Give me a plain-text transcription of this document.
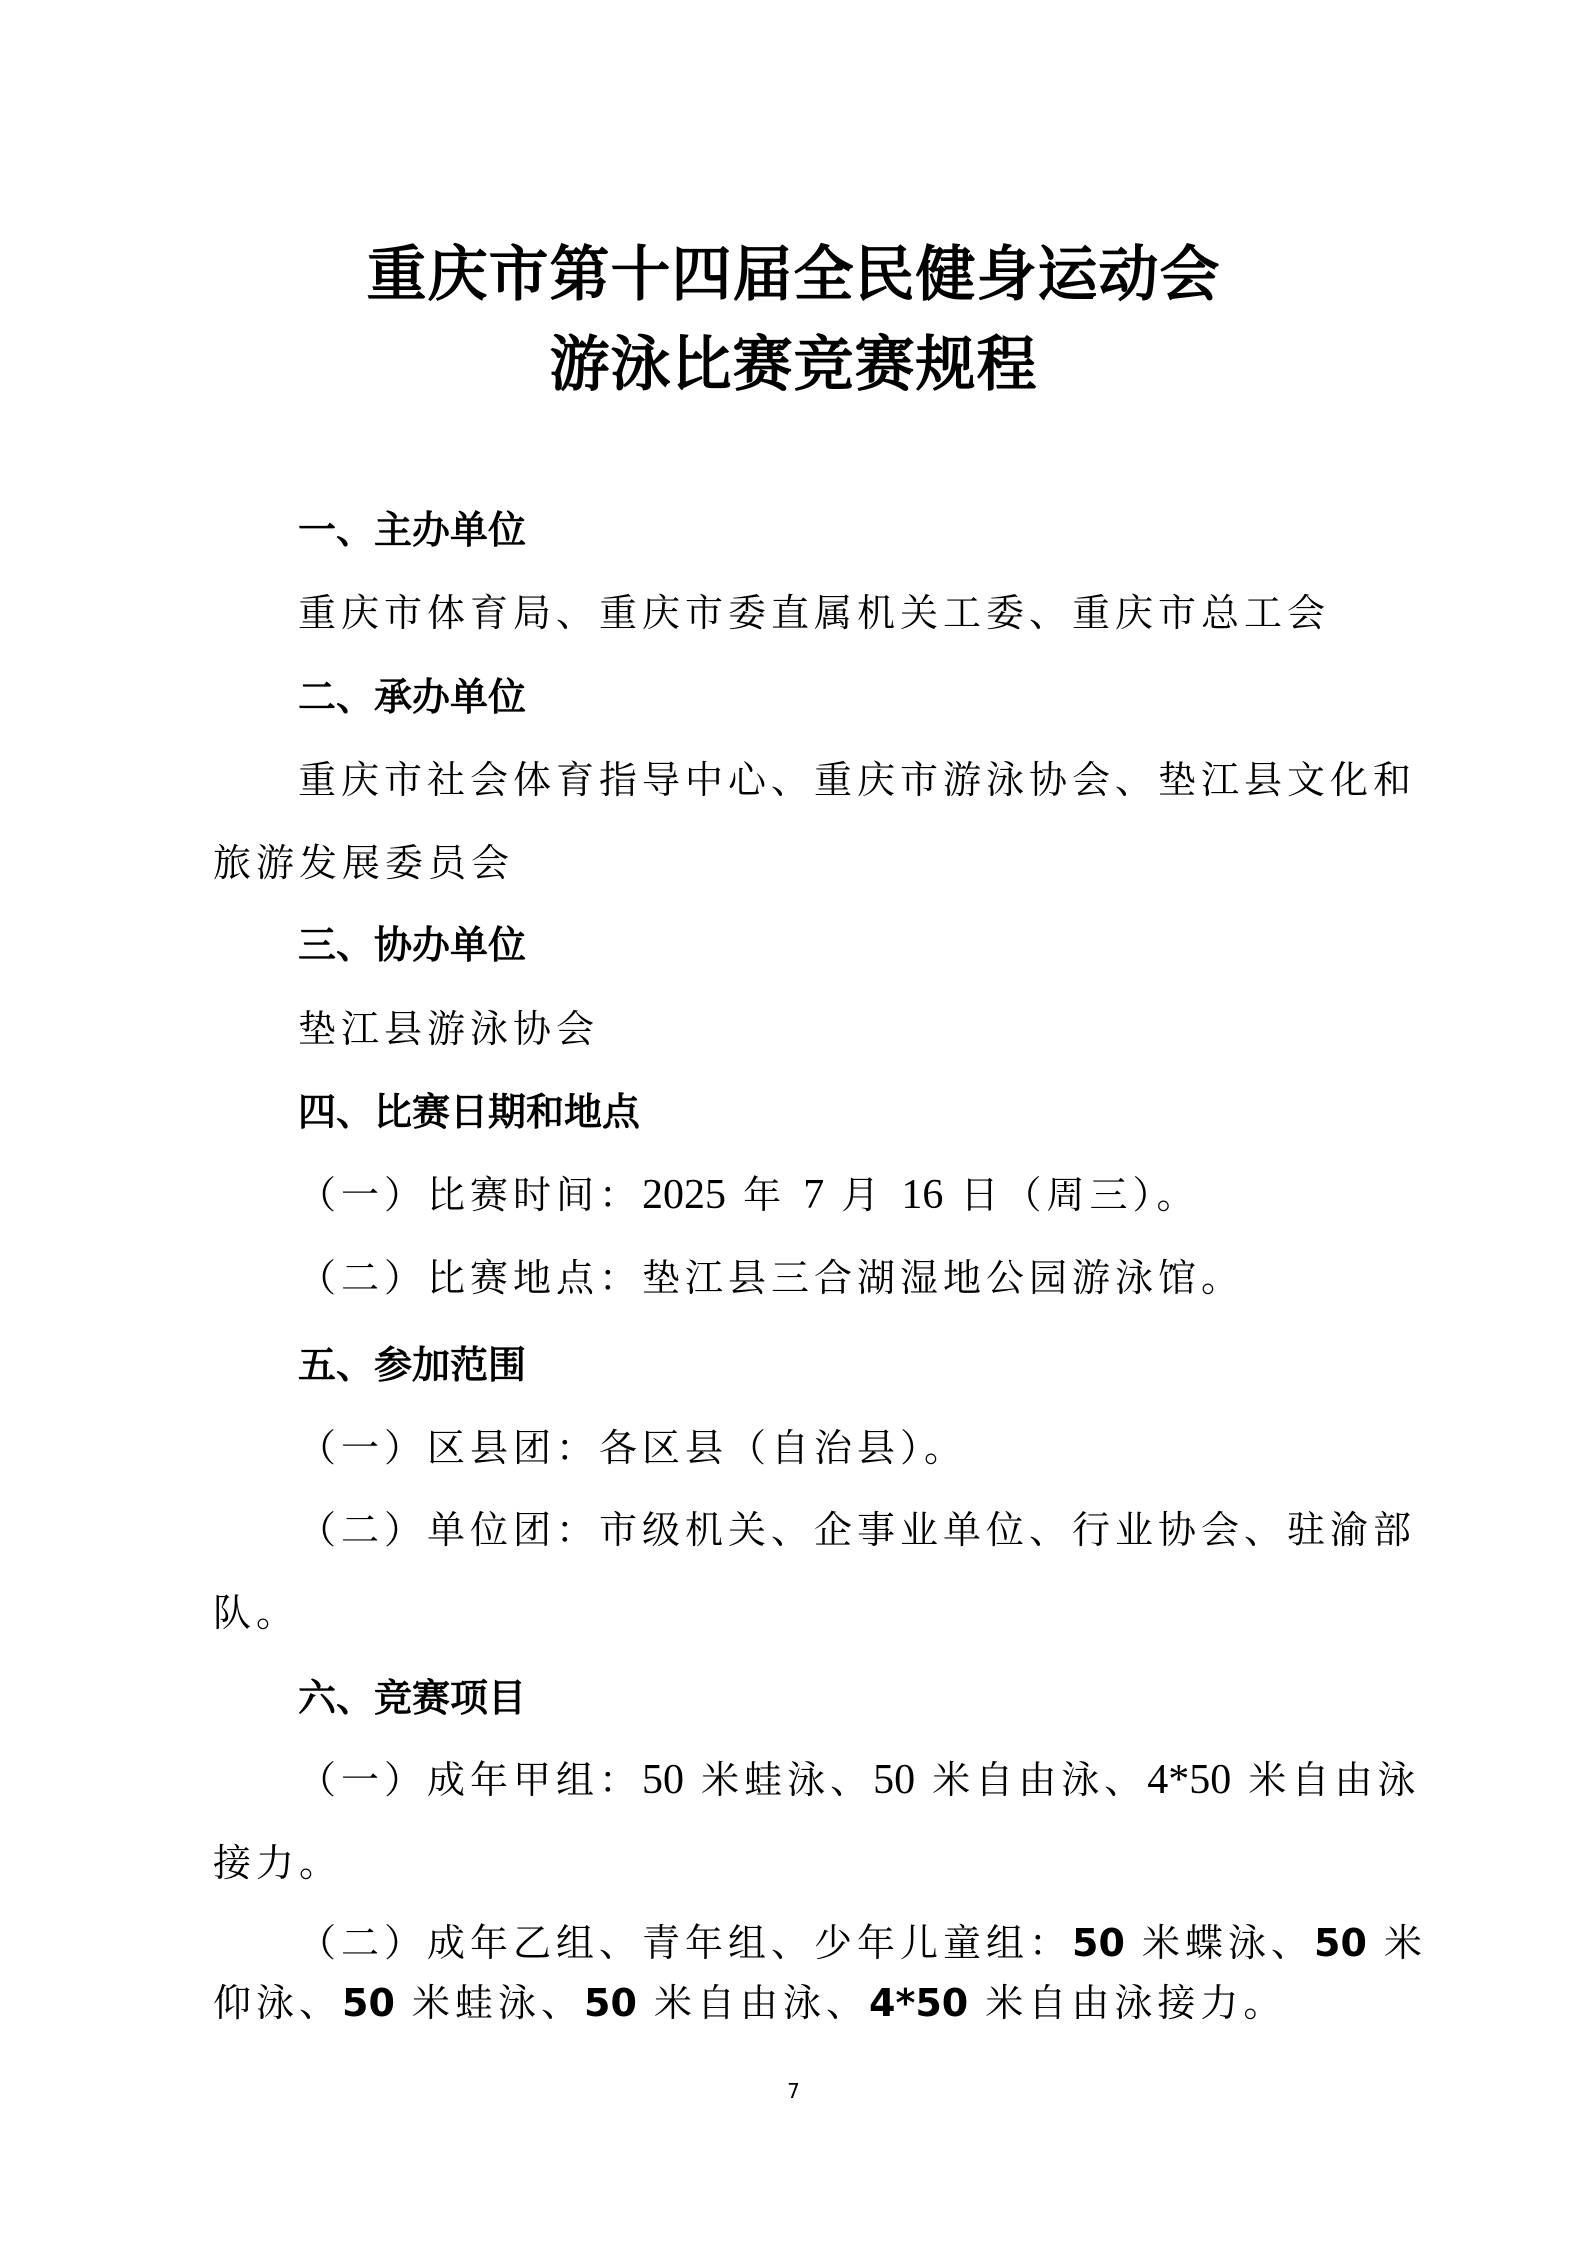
重庆市第十四届全民健身运动会
游泳比赛竞赛规程
一、主办单位
重庆市体育局、重庆市委直属机关工委、重庆市总工会
二、承办单位
重庆市社会体育指导中心、重庆市游泳协会、垫江县文化和
旅游发展委员会
三、协办单位
垫江县游泳协会
四、比赛日期和地点
（一）比赛时间：2025 年 7 月 16 日（周三）。
（二）比赛地点：垫江县三合湖湿地公园游泳馆。
五、参加范围
（一）区县团：各区县（自治县）。
（二）单位团：市级机关、企事业单位、行业协会、驻渝部
队。
六、竞赛项目
（一）成年甲组：50 米蛙泳、50 米自由泳、4*50 米自由泳
接力。
（二）成年乙组、青年组、少年儿童组：50 米蝶泳、50 米
仰泳、50 米蛙泳、50 米自由泳、4*50 米自由泳接力。
7
